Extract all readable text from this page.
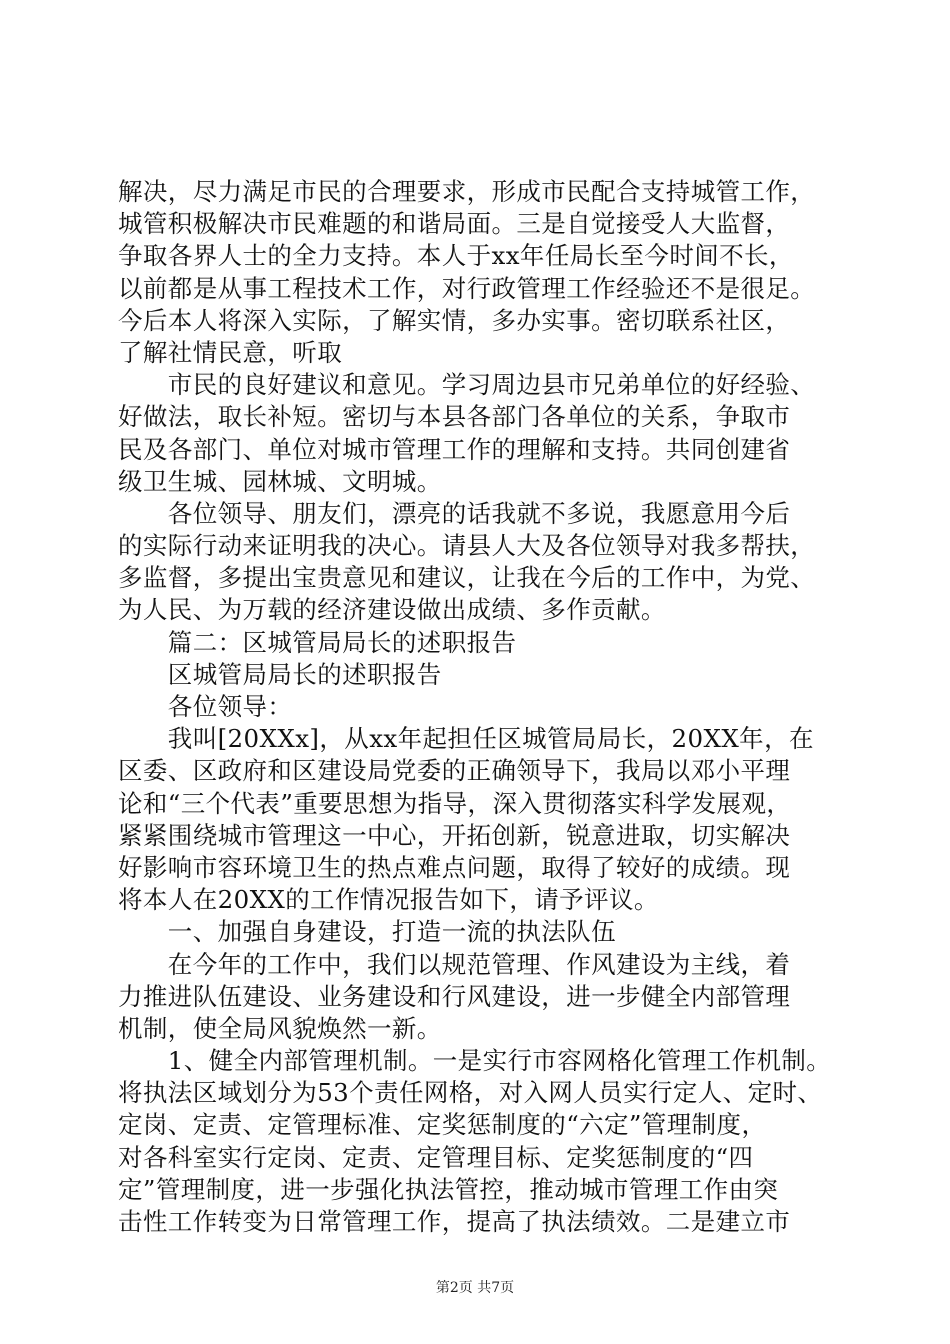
解决，尽力满足市民的合理要求，形成市民配合支持城管工作，
城管积极解决市民难题的和谐局面。三是自觉接受人大监督，
争取各界人士的全力支持。本人于xx年任局长至今时间不长，
以前都是从事工程技术工作，对行政管理工作经验还不是很足。
今后本人将深入实际，了解实情，多办实事。密切联系社区，
了解社情民意，听取
　　市民的良好建议和意见。学习周边县市兄弟单位的好经验、
好做法，取长补短。密切与本县各部门各单位的关系，争取市
民及各部门、单位对城市管理工作的理解和支持。共同创建省
级卫生城、园林城、文明城。
　　各位领导、朋友们，漂亮的话我就不多说，我愿意用今后
的实际行动来证明我的决心。请县人大及各位领导对我多帮扶，
多监督，多提出宝贵意见和建议，让我在今后的工作中，为党、
为人民、为万载的经济建设做出成绩、多作贡献。
　　篇二：区城管局局长的述职报告
　　区城管局局长的述职报告
　　各位领导：
　　我叫[20XXx]，从xx年起担任区城管局局长，20XX年，在
区委、区政府和区建设局党委的正确领导下，我局以邓小平理
论和“三个代表”重要思想为指导，深入贯彻落实科学发展观，
紧紧围绕城市管理这一中心，开拓创新，锐意进取，切实解决
好影响市容环境卫生的热点难点问题，取得了较好的成绩。现
将本人在20XX的工作情况报告如下，请予评议。
　　一、加强自身建设，打造一流的执法队伍
　　在今年的工作中，我们以规范管理、作风建设为主线，着
力推进队伍建设、业务建设和行风建设，进一步健全内部管理
机制，使全局风貌焕然一新。
　　1、健全内部管理机制。一是实行市容网格化管理工作机制。
将执法区域划分为53个责任网格，对入网人员实行定人、定时、
定岗、定责、定管理标准、定奖惩制度的“六定”管理制度，
对各科室实行定岗、定责、定管理目标、定奖惩制度的“四
定”管理制度，进一步强化执法管控，推动城市管理工作由突
击性工作转变为日常管理工作，提高了执法绩效。二是建立市
第2页 共7页
